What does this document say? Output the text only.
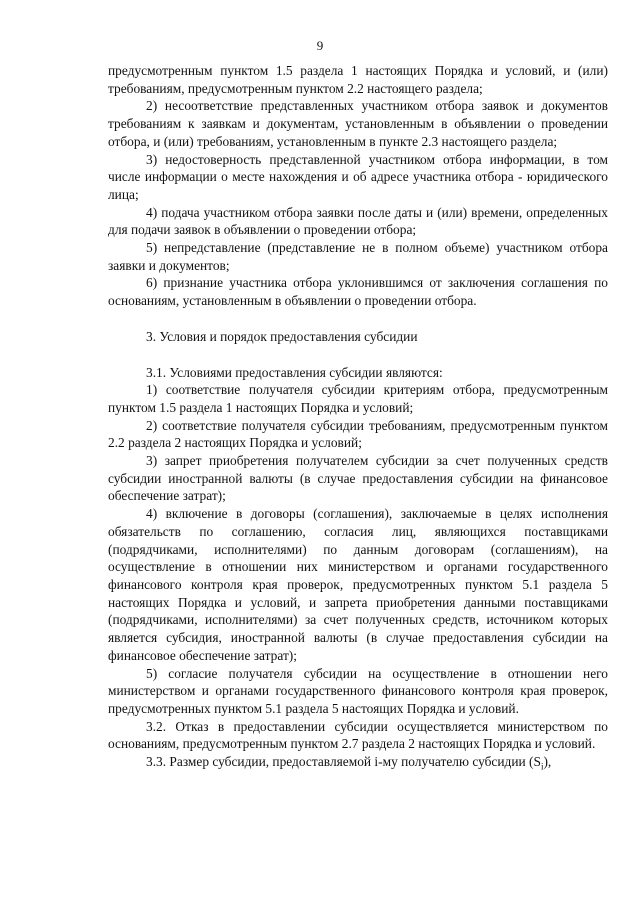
9

предусмотренным пунктом 1.5 раздела 1 настоящих Порядка и условий, и (или) требованиям, предусмотренным пунктом 2.2 настоящего раздела;

2) несоответствие представленных участником отбора заявок и документов требованиям к заявкам и документам, установленным в объявлении о проведении отбора, и (или) требованиям, установленным в пункте 2.3 настоящего раздела;

3) недостоверность представленной участником отбора информации, в том числе информации о месте нахождения и об адресе участника отбора - юридического лица;

4) подача участником отбора заявки после даты и (или) времени, определенных для подачи заявок в объявлении о проведении отбора;

5) непредставление (представление не в полном объеме) участником отбора заявки и документов;

6) признание участника отбора уклонившимся от заключения соглашения по основаниям, установленным в объявлении о проведении отбора.

3. Условия и порядок предоставления субсидии

3.1. Условиями предоставления субсидии являются:

1) соответствие получателя субсидии критериям отбора, предусмотренным пунктом 1.5 раздела 1 настоящих Порядка и условий;

2) соответствие получателя субсидии требованиям, предусмотренным пунктом 2.2 раздела 2 настоящих Порядка и условий;

3) запрет приобретения получателем субсидии за счет полученных средств субсидии иностранной валюты (в случае предоставления субсидии на финансовое обеспечение затрат);

4) включение в договоры (соглашения), заключаемые в целях исполнения обязательств по соглашению, согласия лиц, являющихся поставщиками (подрядчиками, исполнителями) по данным договорам (соглашениям), на осуществление в отношении них министерством и органами государственного финансового контроля края проверок, предусмотренных пунктом 5.1 раздела 5 настоящих Порядка и условий, и запрета приобретения данными поставщиками (подрядчиками, исполнителями) за счет полученных средств, источником которых является субсидия, иностранной валюты (в случае предоставления субсидии на финансовое обеспечение затрат);

5) согласие получателя субсидии на осуществление в отношении него министерством и органами государственного финансового контроля края проверок, предусмотренных пунктом 5.1 раздела 5 настоящих Порядка и условий.

3.2. Отказ в предоставлении субсидии осуществляется министерством по основаниям, предусмотренным пунктом 2.7 раздела 2 настоящих Порядка и условий.

3.3. Размер субсидии, предоставляемой i-му получателю субсидии $(S_i)$,
